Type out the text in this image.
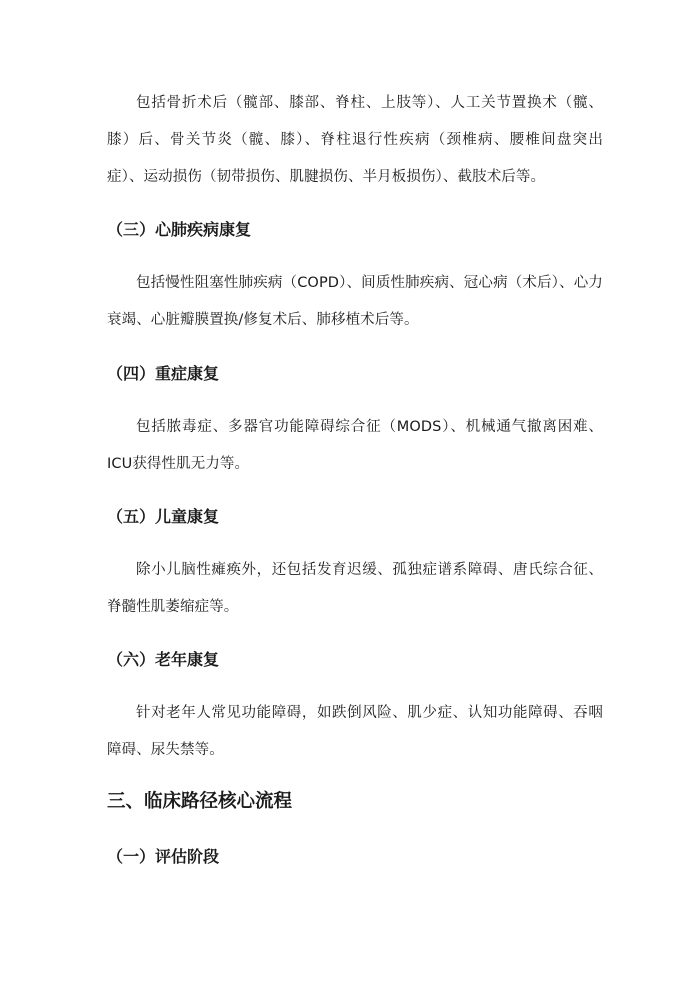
包括骨折术后（髋部、膝部、脊柱、上肢等）、人工关节置换术（髋、膝）后、骨关节炎（髋、膝）、脊柱退行性疾病（颈椎病、腰椎间盘突出症）、运动损伤（韧带损伤、肌腱损伤、半月板损伤）、截肢术后等。

（三）心肺疾病康复

包括慢性阻塞性肺疾病（COPD）、间质性肺疾病、冠心病（术后）、心力衰竭、心脏瓣膜置换/修复术后、肺移植术后等。

（四）重症康复

包括脓毒症、多器官功能障碍综合征（MODS）、机械通气撤离困难、ICU获得性肌无力等。

（五）儿童康复

除小儿脑性瘫痪外，还包括发育迟缓、孤独症谱系障碍、唐氏综合征、脊髓性肌萎缩症等。

（六）老年康复

针对老年人常见功能障碍，如跌倒风险、肌少症、认知功能障碍、吞咽障碍、尿失禁等。

三、临床路径核心流程
（一）评估阶段
